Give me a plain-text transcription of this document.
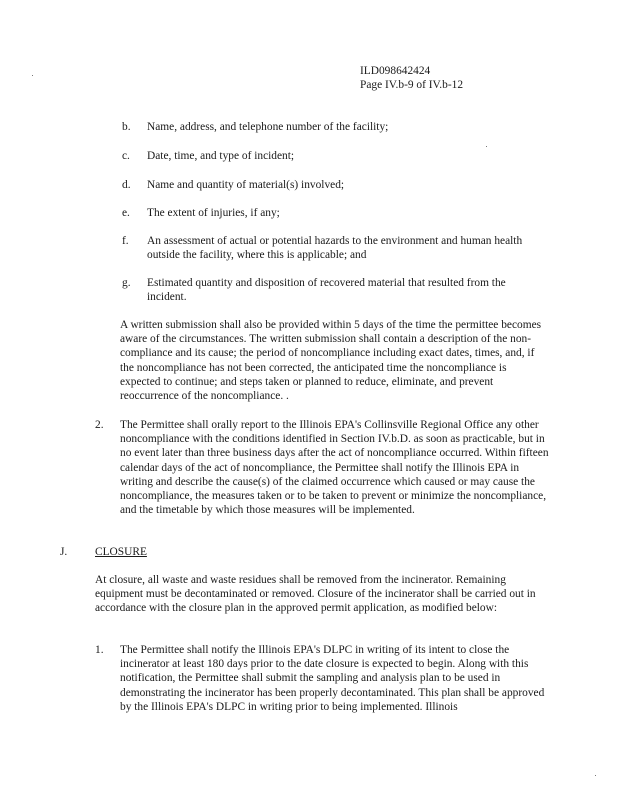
ILD098642424
Page IV.b-9 of IV.b-12
b. Name, address, and telephone number of the facility;
c. Date, time, and type of incident;
d. Name and quantity of material(s) involved;
e. The extent of injuries, if any;
f. An assessment of actual or potential hazards to the environment and human health outside the facility, where this is applicable; and
g. Estimated quantity and disposition of recovered material that resulted from the incident.
A written submission shall also be provided within 5 days of the time the permittee becomes aware of the circumstances. The written submission shall contain a description of the non-compliance and its cause; the period of noncompliance including exact dates, times, and, if the noncompliance has not been corrected, the anticipated time the noncompliance is expected to continue; and steps taken or planned to reduce, eliminate, and prevent reoccurrence of the noncompliance. .
2. The Permittee shall orally report to the Illinois EPA's Collinsville Regional Office any other noncompliance with the conditions identified in Section IV.b.D. as soon as practicable, but in no event later than three business days after the act of noncompliance occurred. Within fifteen calendar days of the act of noncompliance, the Permittee shall notify the Illinois EPA in writing and describe the cause(s) of the claimed occurrence which caused or may cause the noncompliance, the measures taken or to be taken to prevent or minimize the noncompliance, and the timetable by which those measures will be implemented.
J. CLOSURE
At closure, all waste and waste residues shall be removed from the incinerator. Remaining equipment must be decontaminated or removed. Closure of the incinerator shall be carried out in accordance with the closure plan in the approved permit application, as modified below:
1. The Permittee shall notify the Illinois EPA's DLPC in writing of its intent to close the incinerator at least 180 days prior to the date closure is expected to begin. Along with this notification, the Permittee shall submit the sampling and analysis plan to be used in demonstrating the incinerator has been properly decontaminated. This plan shall be approved by the Illinois EPA's DLPC in writing prior to being implemented. Illinois
